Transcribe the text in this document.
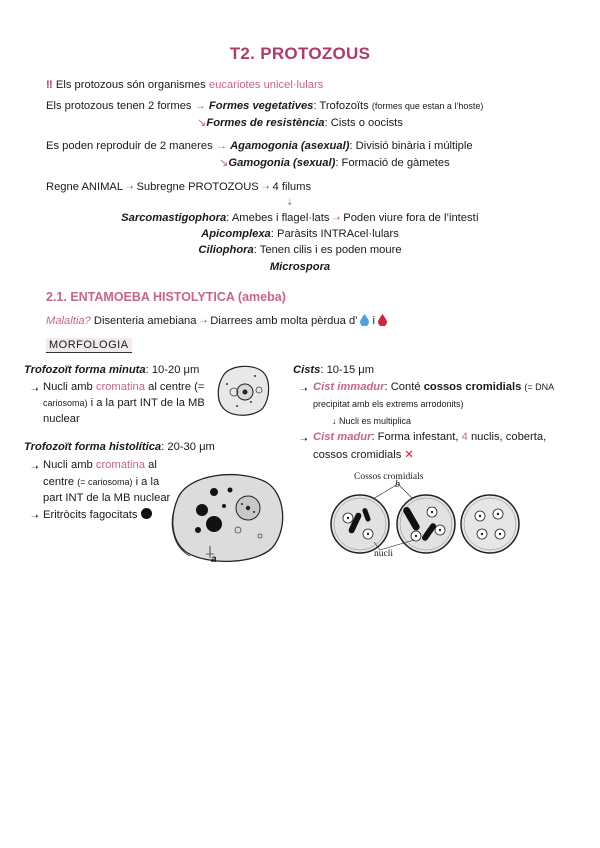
T2. PROTOZOUS
‼ Els protozous són organismes eucariotes unicel·lulars
Els protozous tenen 2 formes → Formes vegetatives: Trofozoïts (formes que estan a l’hoste)
↘Formes de resistència: Cists o oocists
Es poden reproduir de 2 maneres → Agamogonia (asexual): Divisió binària i múltiple
↘Gamogonia (sexual): Formació de gàmetes
Regne ANIMAL ➝ Subregne PROTOZOUS ➝ 4 filums
⇣
Sarcomastigophora: Amebes i flagel·lats ➝ Poden viure fora de l’intestí
Apicomplexa: Paràsits INTRAcel·lulars
Ciliophora: Tenen cilis i es poden moure
Microspora
2.1. ENTAMOEBA HISTOLYTICA (ameba)
Malaltia? Disenteria amebiana ➝ Diarrees amb molta pèrdua d’ i
MORFOLOGIA
Trofozoït forma minuta: 10-20 μm
➝ Nucli amb cromatina al centre (=
cariosoma) i a la part INT de la MB
nuclear
Trofozoït forma histolítica: 20-30 μm
➝ Nucli amb cromatina al
centre (= cariosoma) i a la
part INT de la MB nuclear
➝ Eritròcits fagocitats
a
Cists: 10-15 μm
➝ Cist immadur: Conté cossos cromidials (= DNA
precipitat amb els extrems arrodonits)
↓ Nucli es multiplica
➝ Cist madur: Forma infestant, 4 nuclis, coberta,
cossos cromidials ✕
Cossos cromidials
b
nucli
